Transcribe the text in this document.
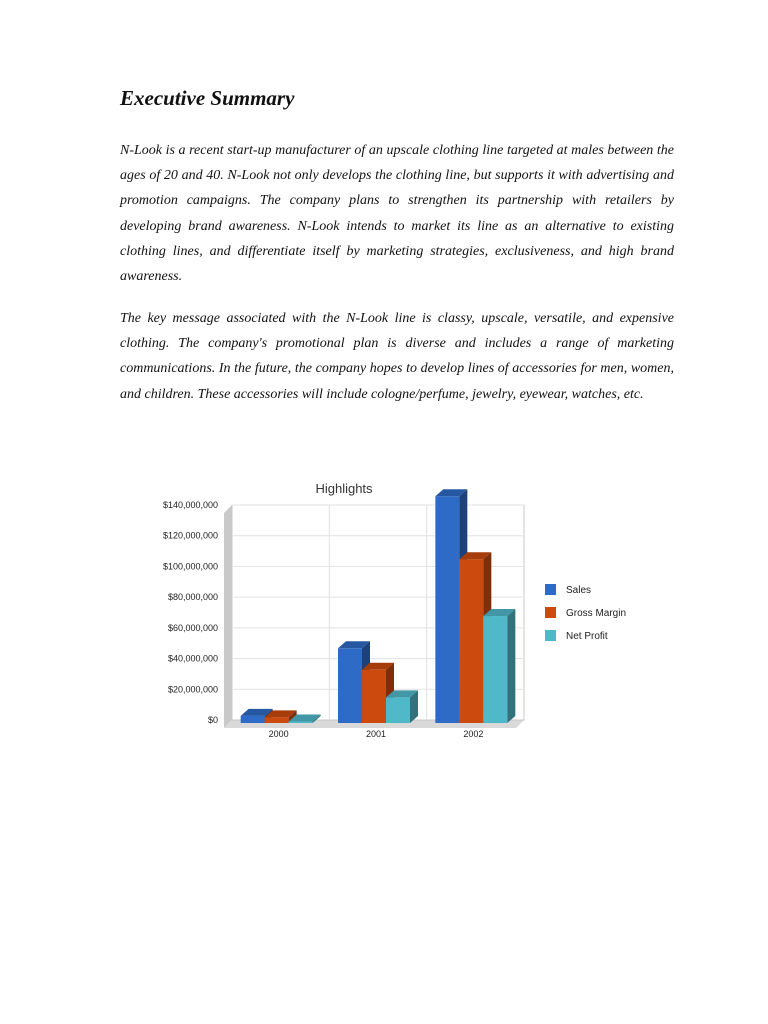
Executive Summary

N-Look is a recent start-up manufacturer of an upscale clothing line targeted at males between the ages of 20 and 40. N-Look not only develops the clothing line, but supports it with advertising and promotion campaigns. The company plans to strengthen its partnership with retailers by developing brand awareness. N-Look intends to market its line as an alternative to existing clothing lines, and differentiate itself by marketing strategies, exclusiveness, and high brand awareness.

The key message associated with the N-Look line is classy, upscale, versatile, and expensive clothing. The company's promotional plan is diverse and includes a range of marketing communications. In the future, the company hopes to develop lines of accessories for men, women, and children. These accessories will include cologne/perfume, jewelry, eyewear, watches, etc.

Highlights
$0
$20,000,000
$40,000,000
$60,000,000
$80,000,000
$100,000,000
$120,000,000
$140,000,000
2000	2001	2002
Sales
Gross Margin
Net Profit
